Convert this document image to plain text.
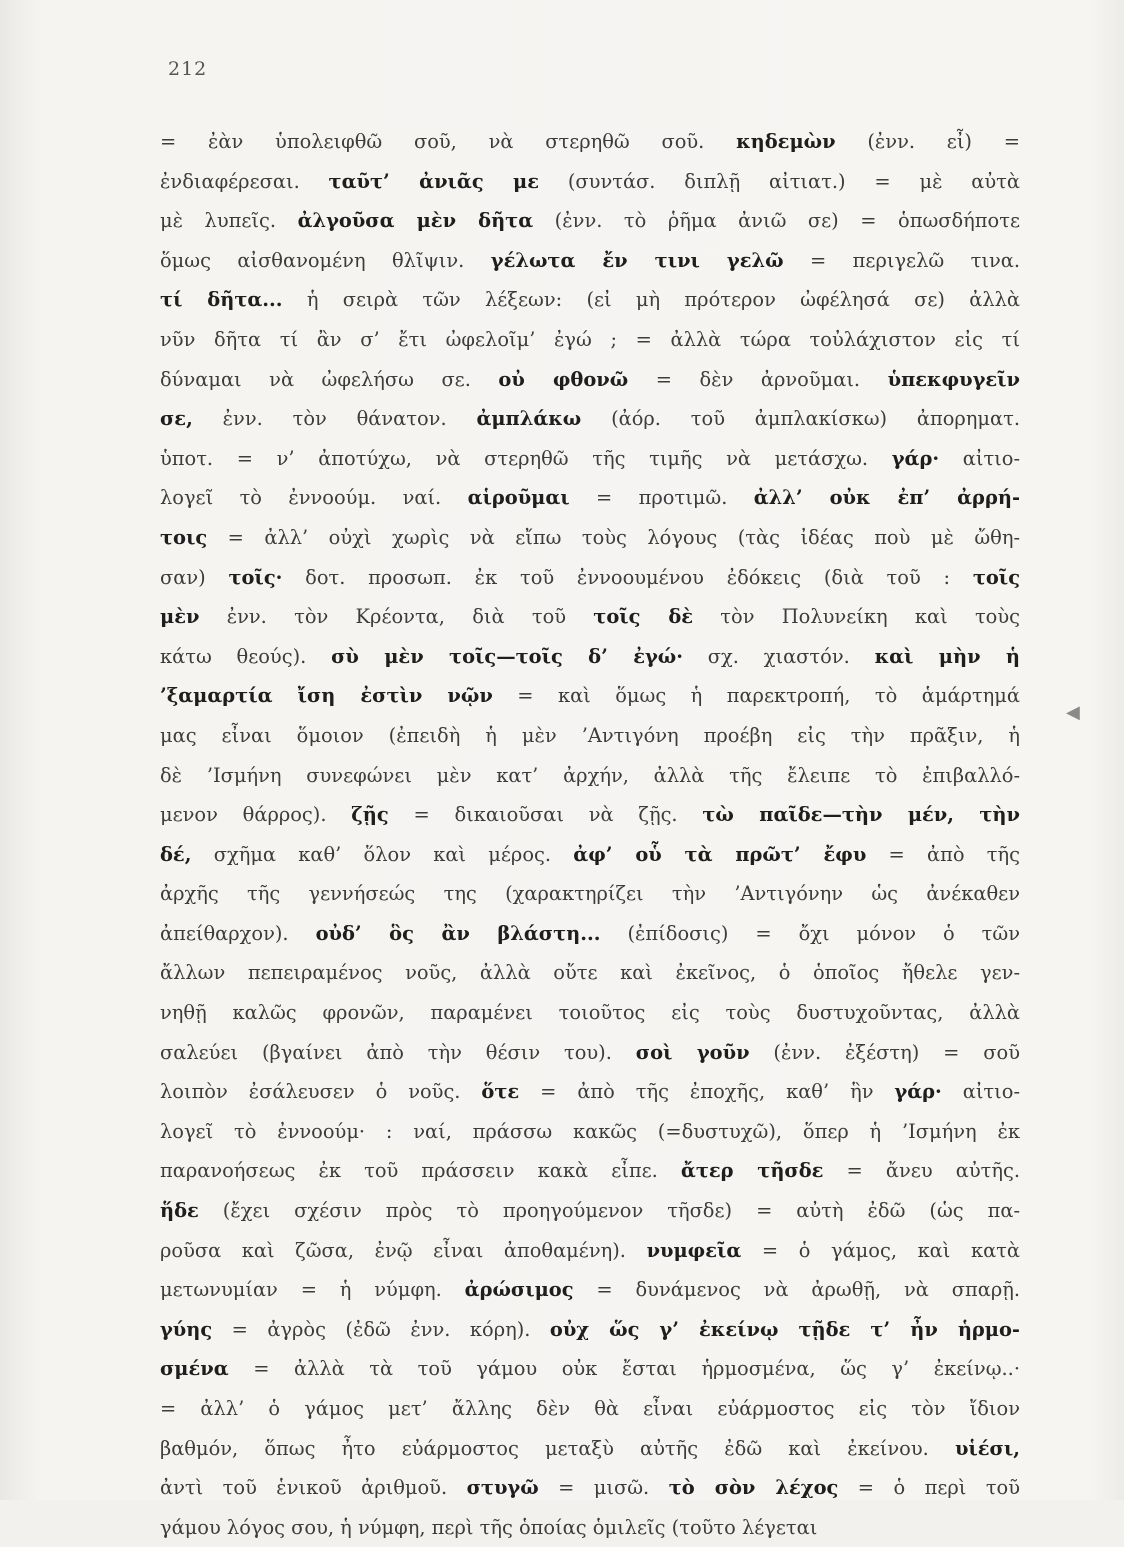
212
= ἐὰν ὑπολειφθῶ σοῦ, νὰ στερηθῶ σοῦ. κηδεμὼν (ἐνν. εἶ) =
ἐνδιαφέρεσαι. ταῦτ’ ἀνιᾶς με (συντάσ. διπλῇ αἰτιατ.) = μὲ αὐτὰ
μὲ λυπεῖς. ἀλγοῦσα μὲν δῆτα (ἐνν. τὸ ῥῆμα ἀνιῶ σε) = ὁπωσδήποτε
ὅμως αἰσθανομένη θλῖψιν. γέλωτα ἔν τινι γελῶ = περιγελῶ τινα.
τί δῆτα... ἡ σειρὰ τῶν λέξεων: (εἰ μὴ πρότερον ὠφέλησά σε) ἀλλὰ
νῦν δῆτα τί ἂν σ’ ἔτι ὠφελοῖμ’ ἐγώ ; = ἀλλὰ τώρα τοὐλάχιστον εἰς τί
δύναμαι νὰ ὠφελήσω σε. οὐ φθονῶ = δὲν ἀρνοῦμαι. ὑπεκφυγεῖν
σε, ἐνν. τὸν θάνατον. ἀμπλάκω (ἀόρ. τοῦ ἀμπλακίσκω) ἀπορηματ.
ὑποτ. = ν’ ἀποτύχω, νὰ στερηθῶ τῆς τιμῆς νὰ μετάσχω. γάρ· αἰτιο-
λογεῖ τὸ ἐννοούμ. ναί. αἱροῦμαι = προτιμῶ. ἀλλ’ οὐκ ἐπ’ ἀρρή-
τοις = ἀλλ’ οὐχὶ χωρὶς νὰ εἴπω τοὺς λόγους (τὰς ἰδέας ποὺ μὲ ὤθη-
σαν) τοῖς· δοτ. προσωπ. ἐκ τοῦ ἐννοουμένου ἐδόκεις (διὰ τοῦ : τοῖς
μὲν ἐνν. τὸν Κρέοντα, διὰ τοῦ τοῖς δὲ τὸν Πολυνείκη καὶ τοὺς
κάτω θεούς). σὺ μὲν τοῖς—τοῖς δ’ ἐγώ· σχ. χιαστόν. καὶ μὴν ἡ
’ξαμαρτία ἴση ἐστὶν νῷν = καὶ ὅμως ἡ παρεκτροπή, τὸ ἁμάρτημά
μας εἶναι ὅμοιον (ἐπειδὴ ἡ μὲν ’Αντιγόνη προέβη εἰς τὴν πρᾶξιν, ἡ
δὲ ’Ισμήνη συνεφώνει μὲν κατ’ ἀρχήν, ἀλλὰ τῆς ἔλειπε τὸ ἐπιβαλλό-
μενον θάρρος). ζῇς = δικαιοῦσαι νὰ ζῇς. τὼ παῖδε—τὴν μέν, τὴν
δέ, σχῆμα καθ’ ὅλον καὶ μέρος. ἀφ’ οὗ τὰ πρῶτ’ ἔφυ = ἀπὸ τῆς
ἀρχῆς τῆς γεννήσεώς της (χαρακτηρίζει τὴν ’Αντιγόνην ὡς ἀνέκαθεν
ἀπείθαρχον). οὐδ’ ὃς ἂν βλάστη... (ἐπίδοσις) = ὄχι μόνον ὁ τῶν
ἄλλων πεπειραμένος νοῦς, ἀλλὰ οὔτε καὶ ἐκεῖνος, ὁ ὁποῖος ἤθελε γεν-
νηθῇ καλῶς φρονῶν, παραμένει τοιοῦτος εἰς τοὺς δυστυχοῦντας, ἀλλὰ
σαλεύει (βγαίνει ἀπὸ τὴν θέσιν του). σοὶ γοῦν (ἐνν. ἐξέστη) = σοῦ
λοιπὸν ἐσάλευσεν ὁ νοῦς. ὅτε = ἀπὸ τῆς ἐποχῆς, καθ’ ἣν γάρ· αἰτιο-
λογεῖ τὸ ἐννοούμ· : ναί, πράσσω κακῶς (=δυστυχῶ), ὅπερ ἡ ’Ισμήνη ἐκ
παρανοήσεως ἐκ τοῦ πράσσειν κακὰ εἶπε. ἄτερ τῆσδε = ἄνευ αὐτῆς.
ἥδε (ἔχει σχέσιν πρὸς τὸ προηγούμενον τῆσδε) = αὐτὴ ἐδῶ (ὡς πα-
ροῦσα καὶ ζῶσα, ἐνῷ εἶναι ἀποθαμένη). νυμφεῖα = ὁ γάμος, καὶ κατὰ
μετωνυμίαν = ἡ νύμφη. ἀρώσιμος = δυνάμενος νὰ ἀρωθῇ, νὰ σπαρῇ.
γύης = ἀγρὸς (ἐδῶ ἐνν. κόρη). οὐχ ὥς γ’ ἐκείνῳ τῇδε τ’ ἦν ἡρμο-
σμένα = ἀλλὰ τὰ τοῦ γάμου οὐκ ἔσται ἡρμοσμένα, ὥς γ’ ἐκείνῳ..·
= ἀλλ’ ὁ γάμος μετ’ ἄλλης δὲν θὰ εἶναι εὐάρμοστος εἰς τὸν ἴδιον
βαθμόν, ὅπως ἦτο εὐάρμοστος μεταξὺ αὐτῆς ἐδῶ καὶ ἐκείνου. υἱέσι,
ἀντὶ τοῦ ἑνικοῦ ἀριθμοῦ. στυγῶ = μισῶ. τὸ σὸν λέχος = ὁ περὶ τοῦ
γάμου λόγος σου, ἡ νύμφη, περὶ τῆς ὁποίας ὁμιλεῖς (τοῦτο λέγεται
◀
